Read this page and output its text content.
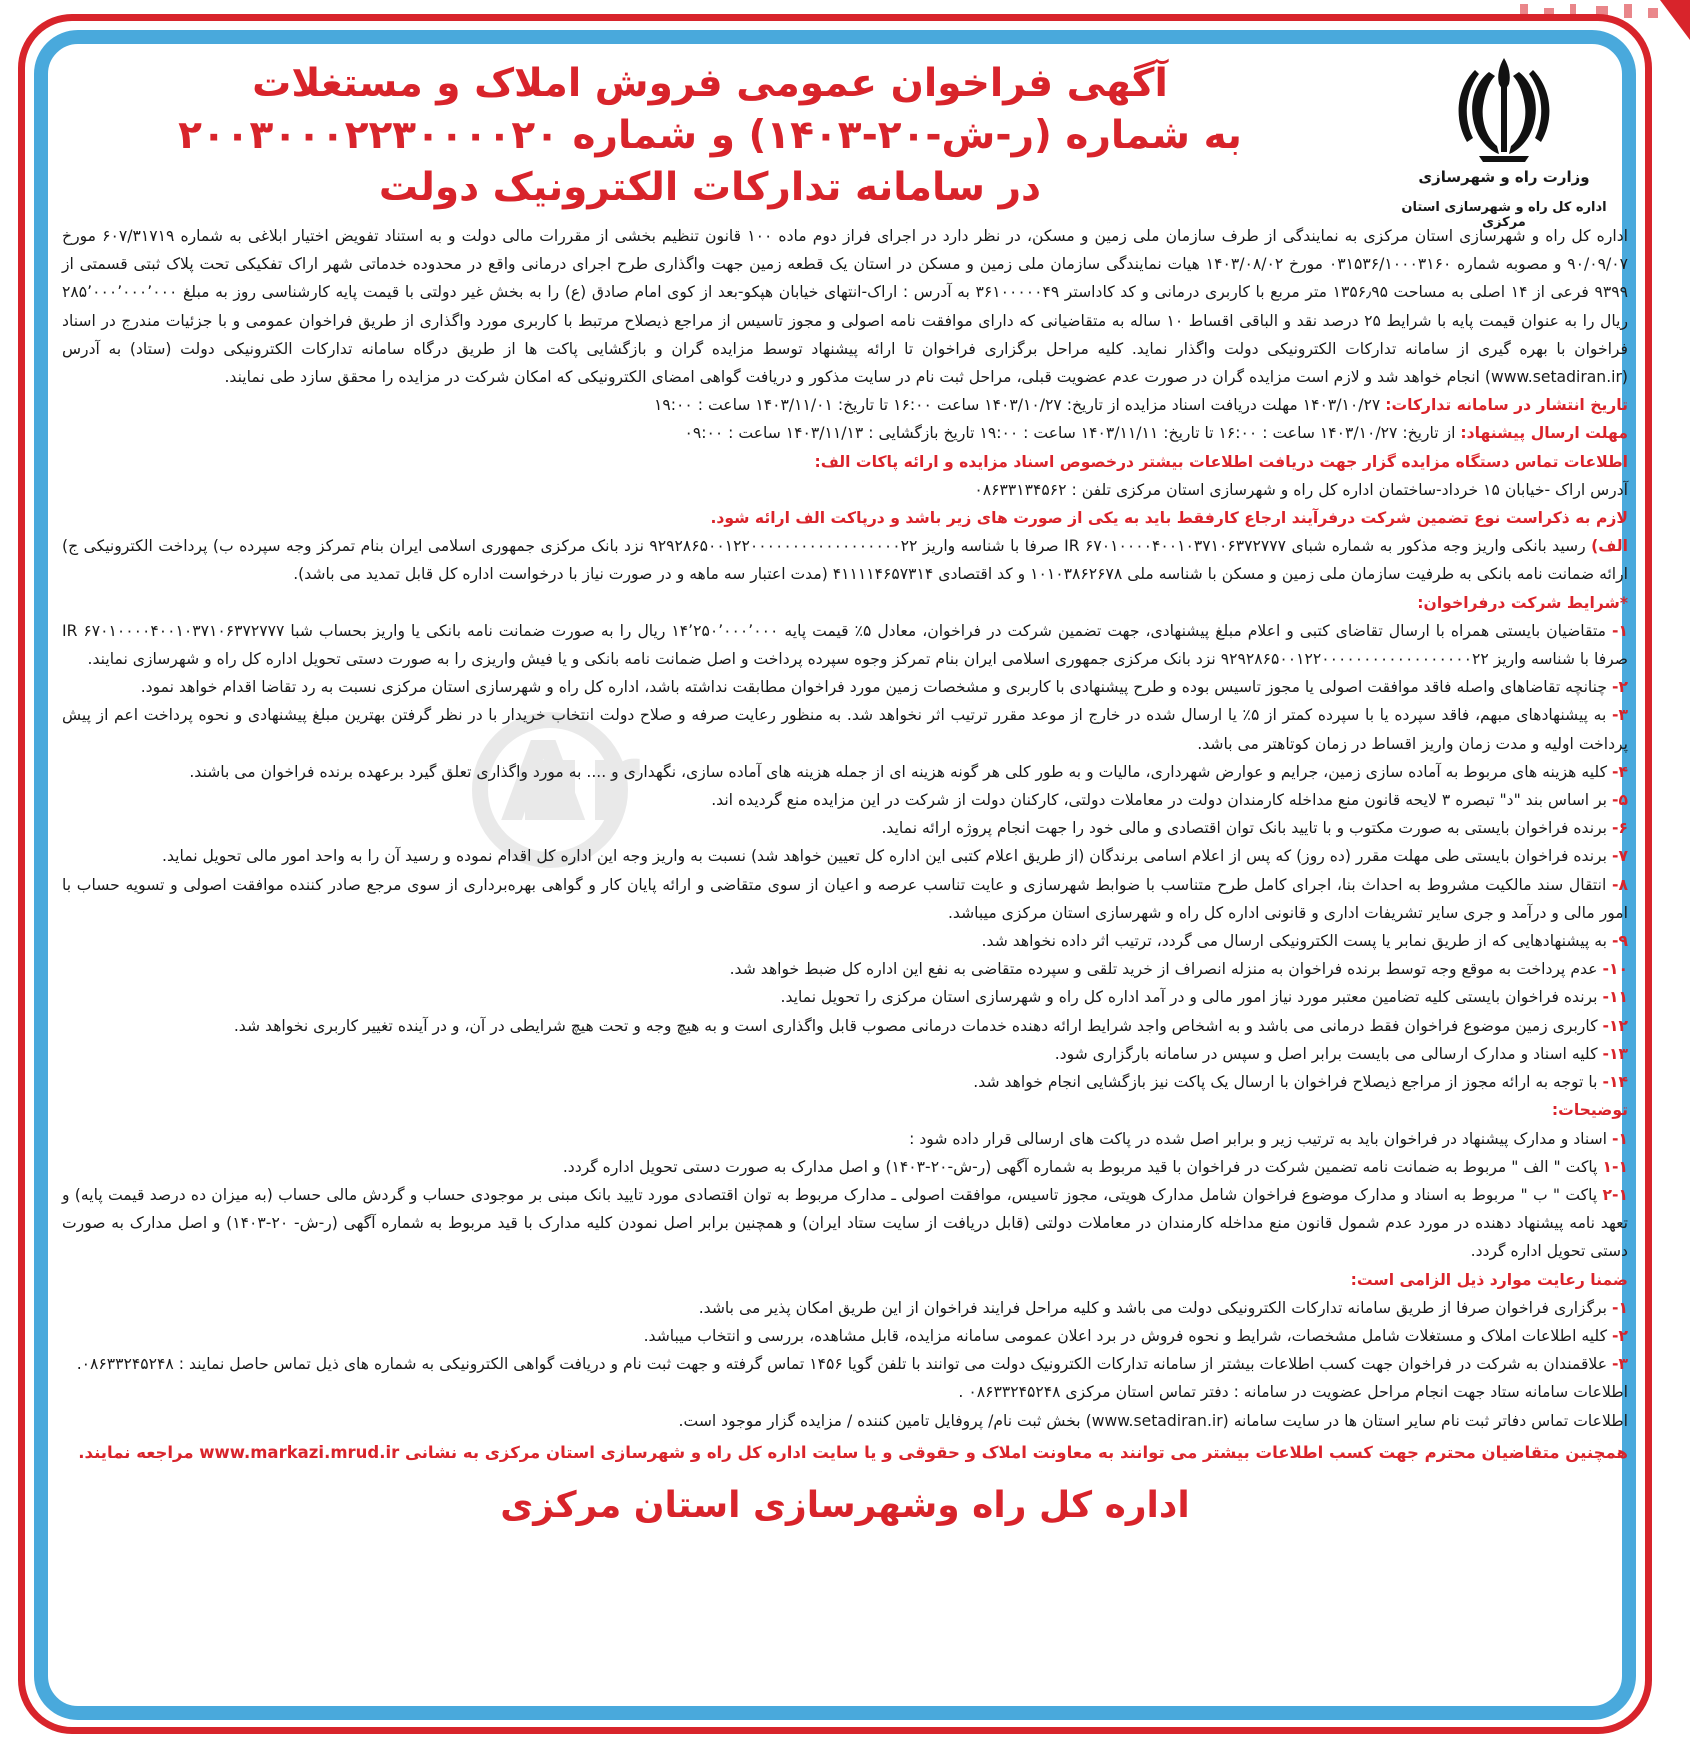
Ar
وزارت راه و شهرسازی
اداره کل راه و شهرسازی استان مرکزی
آگهی فراخوان عمومی فروش املاک و مستغلات
به شماره (ر-ش-۲۰-۱۴۰۳) و شماره ۲۰۰۳۰۰۰۲۲۳۰۰۰۰۲۰
در سامانه تدارکات الکترونیک دولت

اداره کل راه و شهرسازی استان مرکزی به نمایندگی از طرف سازمان ملی زمین و مسکن، در نظر دارد در اجرای فراز دوم ماده ۱۰۰ قانون تنظیم بخشی از مقررات مالی دولت و به استناد تفویض اختیار ابلاغی به شماره ۶۰۷/۳۱۷۱۹ مورخ ۹۰/۰۹/۰۷ و مصوبه شماره ۰۳۱۵۳۶/۱۰۰۰۳۱۶۰ مورخ ۱۴۰۳/۰۸/۰۲ هیات نمایندگی سازمان ملی زمین و مسکن در استان یک قطعه زمین جهت واگذاری طرح اجرای درمانی واقع در محدوده خدماتی شهر اراک تفکیکی تحت پلاک ثبتی قسمتی از ۹۳۹۹ فرعی از ۱۴ اصلی به مساحت ۱۳۵۶٫۹۵ متر مربع با کاربری درمانی و کد کاداستر ۳۶۱۰۰۰۰۰۴۹ به آدرس : اراک-انتهای خیابان هپکو-بعد از کوی امام صادق (ع) را به بخش غیر دولتی با قیمت پایه کارشناسی روز به مبلغ ۲۸۵٬۰۰۰٬۰۰۰٬۰۰۰ ریال را به عنوان قیمت پایه با شرایط ۲۵ درصد نقد و الباقی اقساط ۱۰ ساله به متقاضیانی که دارای موافقت نامه اصولی و مجوز تاسیس از مراجع ذیصلاح مرتبط با کاربری مورد واگذاری از طریق فراخوان عمومی و با جزئیات مندرج در اسناد فراخوان با بهره گیری از سامانه تدارکات الکترونیکی دولت واگذار نماید. کلیه مراحل برگزاری فراخوان تا ارائه پیشنهاد توسط مزایده گران و بازگشایی پاکت ها از طریق درگاه سامانه تدارکات الکترونیکی دولت (ستاد) به آدرس (www.setadiran.ir) انجام خواهد شد و لازم است مزایده گران در صورت عدم عضویت قبلی، مراحل ثبت نام در سایت مذکور و دریافت گواهی امضای الکترونیکی که امکان شرکت در مزایده را محقق سازد طی نمایند.

تاریخ انتشار در سامانه تدارکات: ۱۴۰۳/۱۰/۲۷ مهلت دریافت اسناد مزایده از تاریخ: ۱۴۰۳/۱۰/۲۷ ساعت ۱۶:۰۰ تا تاریخ: ۱۴۰۳/۱۱/۰۱ ساعت : ۱۹:۰۰

مهلت ارسال پیشنهاد: از تاریخ: ۱۴۰۳/۱۰/۲۷ ساعت : ۱۶:۰۰ تا تاریخ: ۱۴۰۳/۱۱/۱۱ ساعت : ۱۹:۰۰ تاریخ بازگشایی : ۱۴۰۳/۱۱/۱۳ ساعت : ۰۹:۰۰

اطلاعات تماس دستگاه مزایده گزار جهت دریافت اطلاعات بیشتر درخصوص اسناد مزایده و ارائه پاکات الف:

آدرس اراک -خیابان ۱۵ خرداد-ساختمان اداره کل راه و شهرسازی استان مرکزی تلفن : ۰۸۶۳۳۱۳۴۵۶۲

لازم به ذکراست نوع تضمین شرکت درفرآیند ارجاع کارفقط باید به یکی از صورت های زیر باشد و درپاکت الف ارائه شود.

الف) رسید بانکی واریز وجه مذکور به شماره شبای IR ۶۷۰۱۰۰۰۰۴۰۰۱۰۳۷۱۰۶۳۷۲۷۷۷ صرفا با شناسه واریز ۹۲۹۲۸۶۵۰۰۱۲۲۰۰۰۰۰۰۰۰۰۰۰۰۰۰۰۰۰۰۲۲ نزد بانک مرکزی جمهوری اسلامی ایران بنام تمرکز وجه سپرده ب) پرداخت الکترونیکی ج) ارائه ضمانت نامه بانکی به طرفیت سازمان ملی زمین و مسکن با شناسه ملی ۱۰۱۰۳۸۶۲۶۷۸ و کد اقتصادی ۴۱۱۱۱۴۶۵۷۳۱۴ (مدت اعتبار سه ماهه و در صورت نیاز با درخواست اداره کل قابل تمدید می باشد).

*شرایط شرکت درفراخوان:

۱- متقاضیان بایستی همراه با ارسال تقاضای کتبی و اعلام مبلغ پیشنهادی، جهت تضمین شرکت در فراخوان، معادل ۵٪ قیمت پایه ۱۴٬۲۵۰٬۰۰۰٬۰۰۰ ریال را به صورت ضمانت نامه بانکی یا واریز بحساب شبا IR ۶۷۰۱۰۰۰۰۴۰۰۱۰۳۷۱۰۶۳۷۲۷۷۷ صرفا با شناسه واریز ۹۲۹۲۸۶۵۰۰۱۲۲۰۰۰۰۰۰۰۰۰۰۰۰۰۰۰۰۰۰۲۲ نزد بانک مرکزی جمهوری اسلامی ایران بنام تمرکز وجوه سپرده پرداخت و اصل ضمانت نامه بانکی و یا فیش واریزی را به صورت دستی تحویل اداره کل راه و شهرسازی نمایند.

۲- چنانچه تقاضاهای واصله فاقد موافقت اصولی یا مجوز تاسیس بوده و طرح پیشنهادی با کاربری و مشخصات زمین مورد فراخوان مطابقت نداشته باشد، اداره کل راه و شهرسازی استان مرکزی نسبت به رد تقاضا اقدام خواهد نمود.

۳- به پیشنهادهای مبهم، فاقد سپرده یا با سپرده کمتر از ۵٪ یا ارسال شده در خارج از موعد مقرر ترتیب اثر نخواهد شد. به منظور رعایت صرفه و صلاح دولت انتخاب خریدار با در نظر گرفتن بهترین مبلغ پیشنهادی و نحوه پرداخت اعم از پیش پرداخت اولیه و مدت زمان واریز اقساط در زمان کوتاهتر می باشد.

۴- کلیه هزینه های مربوط به آماده سازی زمین، جرایم و عوارض شهرداری، مالیات و به طور کلی هر گونه هزینه ای از جمله هزینه های آماده سازی، نگهداری و .... به مورد واگذاری تعلق گیرد برعهده برنده فراخوان می باشند.

۵- بر اساس بند "د" تبصره ۳ لایحه قانون منع مداخله کارمندان دولت در معاملات دولتی، کارکنان دولت از شرکت در این مزایده منع گردیده اند.

۶- برنده فراخوان بایستی به صورت مکتوب و با تایید بانک توان اقتصادی و مالی خود را جهت انجام پروژه ارائه نماید.

۷- برنده فراخوان بایستی طی مهلت مقرر (ده روز) که پس از اعلام اسامی برندگان (از طریق اعلام کتبی این اداره کل تعیین خواهد شد) نسبت به واریز وجه این اداره کل اقدام نموده و رسید آن را به واحد امور مالی تحویل نماید.

۸- انتقال سند مالکیت مشروط به احداث بنا، اجرای کامل طرح متناسب با ضوابط شهرسازی و عایت تناسب عرصه و اعیان از سوی متقاضی و ارائه پایان کار و گواهی بهره‌برداری از سوی مرجع صادر کننده موافقت اصولی و تسویه حساب با امور مالی و درآمد و جری سایر تشریفات اداری و قانونی اداره کل راه و شهرسازی استان مرکزی میباشد.

۹- به پیشنهادهایی که از طریق نمابر یا پست الکترونیکی ارسال می گردد، ترتیب اثر داده نخواهد شد.

۱۰- عدم پرداخت به موقع وجه توسط برنده فراخوان به منزله انصراف از خرید تلقی و سپرده متقاضی به نفع این اداره کل ضبط خواهد شد.

۱۱- برنده فراخوان بایستی کلیه تضامین معتبر مورد نیاز امور مالی و در آمد اداره کل راه و شهرسازی استان مرکزی را تحویل نماید.

۱۲- کاربری زمین موضوع فراخوان فقط درمانی می باشد و به اشخاص واجد شرایط ارائه دهنده خدمات درمانی مصوب قابل واگذاری است و به هیچ وجه و تحت هیچ شرایطی در آن، و در آینده تغییر کاربری نخواهد شد.

۱۳- کلیه اسناد و مدارک ارسالی می بایست برابر اصل و سپس در سامانه بارگزاری شود.

۱۴- با توجه به ارائه مجوز از مراجع ذیصلاح فراخوان با ارسال یک پاکت نیز بازگشایی انجام خواهد شد.

توضیحات:

۱- اسناد و مدارک پیشنهاد در فراخوان باید به ترتیب زیر و برابر اصل شده در پاکت های ارسالی قرار داده شود :

۱-۱ پاکت " الف " مربوط به ضمانت نامه تضمین شرکت در فراخوان با قید مربوط به شماره آگهی (ر-ش-۲۰-۱۴۰۳) و اصل مدارک به صورت دستی تحویل اداره گردد.

۲-۱ پاکت " ب " مربوط به اسناد و مدارک موضوع فراخوان شامل مدارک هویتی، مجوز تاسیس، موافقت اصولی ـ مدارک مربوط به توان اقتصادی مورد تایید بانک مبنی بر موجودی حساب و گردش مالی حساب (به میزان ده درصد قیمت پایه) و تعهد نامه پیشنهاد دهنده در مورد عدم شمول قانون منع مداخله کارمندان در معاملات دولتی (قابل دریافت از سایت ستاد ایران) و همچنین برابر اصل نمودن کلیه مدارک با قید مربوط به شماره آگهی (ر-ش- ۲۰-۱۴۰۳) و اصل مدارک به صورت دستی تحویل اداره گردد.

ضمنا رعایت موارد ذیل الزامی است:

۱- برگزاری فراخوان صرفا از طریق سامانه تدارکات الکترونیکی دولت می باشد و کلیه مراحل فرایند فراخوان از این طریق امکان پذیر می باشد.

۲- کلیه اطلاعات املاک و مستغلات شامل مشخصات، شرایط و نحوه فروش در برد اعلان عمومی سامانه مزایده، قابل مشاهده، بررسی و انتخاب میباشد.

۳- علاقمندان به شرکت در فراخوان جهت کسب اطلاعات بیشتر از سامانه تدارکات الکترونیک دولت می توانند با تلفن گویا ۱۴۵۶ تماس گرفته و جهت ثبت نام و دریافت گواهی الکترونیکی به شماره های ذیل تماس حاصل نمایند : ۰۸۶۳۳۲۴۵۲۴۸.

اطلاعات سامانه ستاد جهت انجام مراحل عضویت در سامانه : دفتر تماس استان مرکزی ۰۸۶۳۳۲۴۵۲۴۸ .

اطلاعات تماس دفاتر ثبت نام سایر استان ها در سایت سامانه (www.setadiran.ir) بخش ثبت نام/ پروفایل تامین کننده / مزایده گزار موجود است.

همچنین متقاضیان محترم جهت کسب اطلاعات بیشتر می توانند به معاونت املاک و حقوقی و یا سایت اداره کل راه و شهرسازی استان مرکزی به نشانی www.markazi.mrud.ir مراجعه نمایند.
اداره کل راه وشهرسازی استان مرکزی
